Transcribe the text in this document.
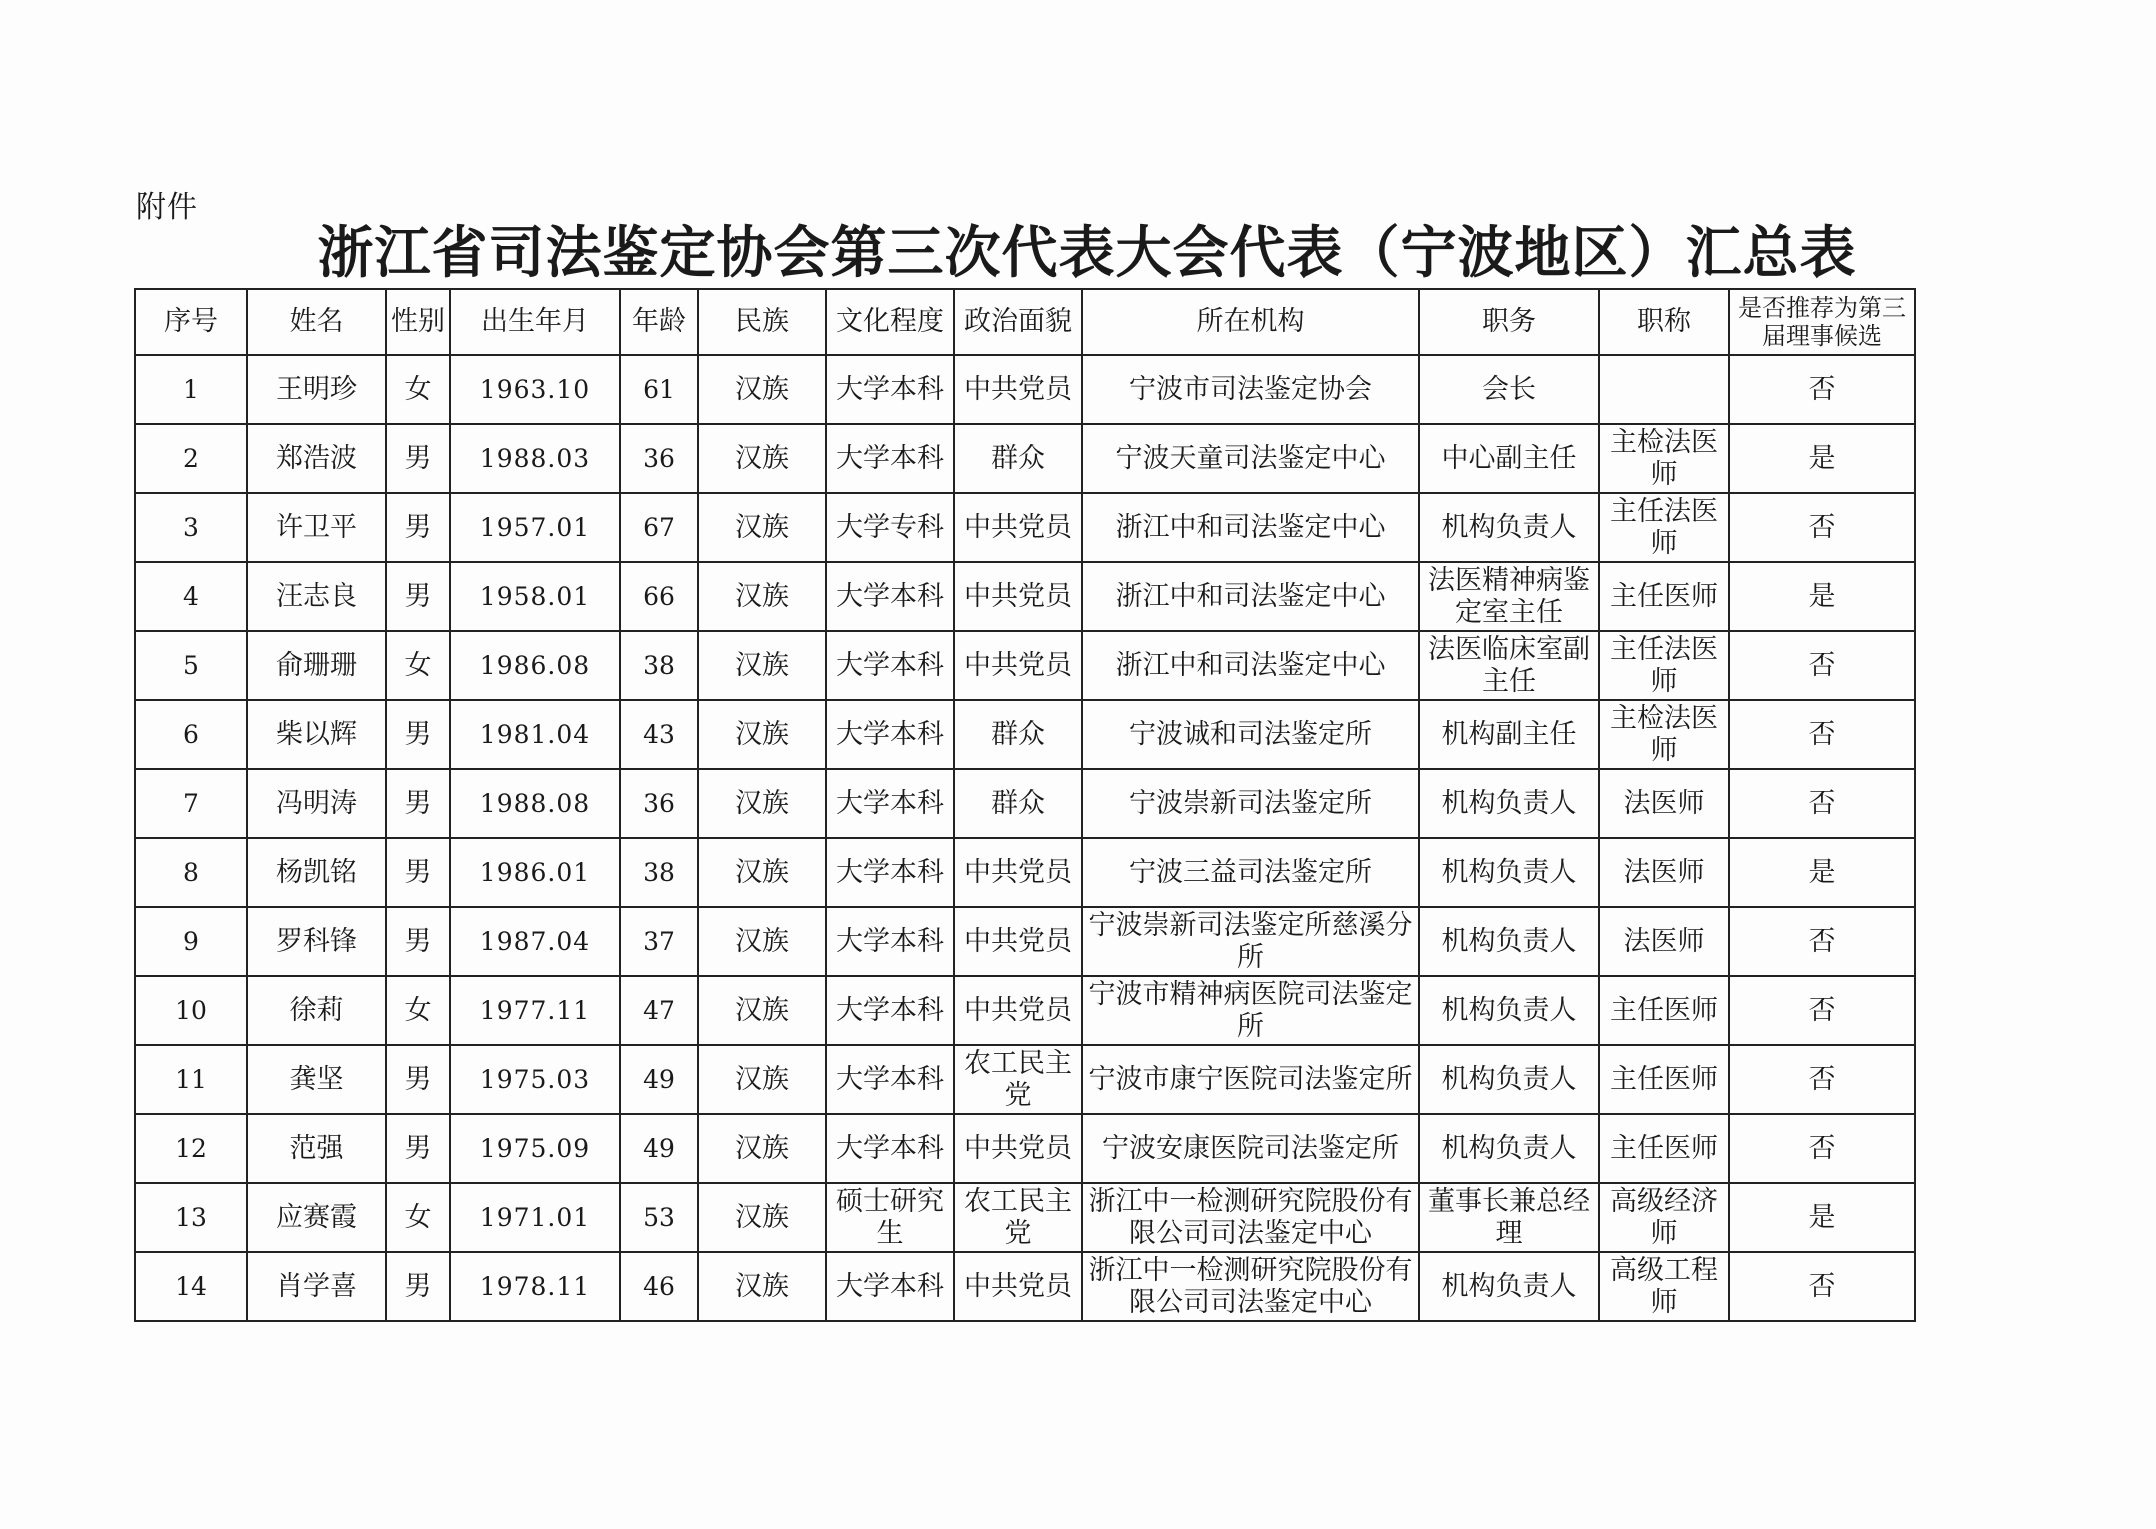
附件
浙江省司法鉴定协会第三次代表大会代表（宁波地区）汇总表
序号	姓名	性别	出生年月	年龄	民族	文化程度	政治面貌	所在机构	职务	职称	是否推荐为第三届理事候选
1	王明珍	女	1963.10	61	汉族	大学本科	中共党员	宁波市司法鉴定协会	会长		否
2	郑浩波	男	1988.03	36	汉族	大学本科	群众	宁波天童司法鉴定中心	中心副主任	主检法医师	是
3	许卫平	男	1957.01	67	汉族	大学专科	中共党员	浙江中和司法鉴定中心	机构负责人	主任法医师	否
4	汪志良	男	1958.01	66	汉族	大学本科	中共党员	浙江中和司法鉴定中心	法医精神病鉴定室主任	主任医师	是
5	俞珊珊	女	1986.08	38	汉族	大学本科	中共党员	浙江中和司法鉴定中心	法医临床室副主任	主任法医师	否
6	柴以辉	男	1981.04	43	汉族	大学本科	群众	宁波诚和司法鉴定所	机构副主任	主检法医师	否
7	冯明涛	男	1988.08	36	汉族	大学本科	群众	宁波崇新司法鉴定所	机构负责人	法医师	否
8	杨凯铭	男	1986.01	38	汉族	大学本科	中共党员	宁波三益司法鉴定所	机构负责人	法医师	是
9	罗科锋	男	1987.04	37	汉族	大学本科	中共党员	宁波崇新司法鉴定所慈溪分所	机构负责人	法医师	否
10	徐莉	女	1977.11	47	汉族	大学本科	中共党员	宁波市精神病医院司法鉴定所	机构负责人	主任医师	否
11	龚坚	男	1975.03	49	汉族	大学本科	农工民主党	宁波市康宁医院司法鉴定所	机构负责人	主任医师	否
12	范强	男	1975.09	49	汉族	大学本科	中共党员	宁波安康医院司法鉴定所	机构负责人	主任医师	否
13	应赛霞	女	1971.01	53	汉族	硕士研究生	农工民主党	浙江中一检测研究院股份有限公司司法鉴定中心	董事长兼总经理	高级经济师	是
14	肖学喜	男	1978.11	46	汉族	大学本科	中共党员	浙江中一检测研究院股份有限公司司法鉴定中心	机构负责人	高级工程师	否
